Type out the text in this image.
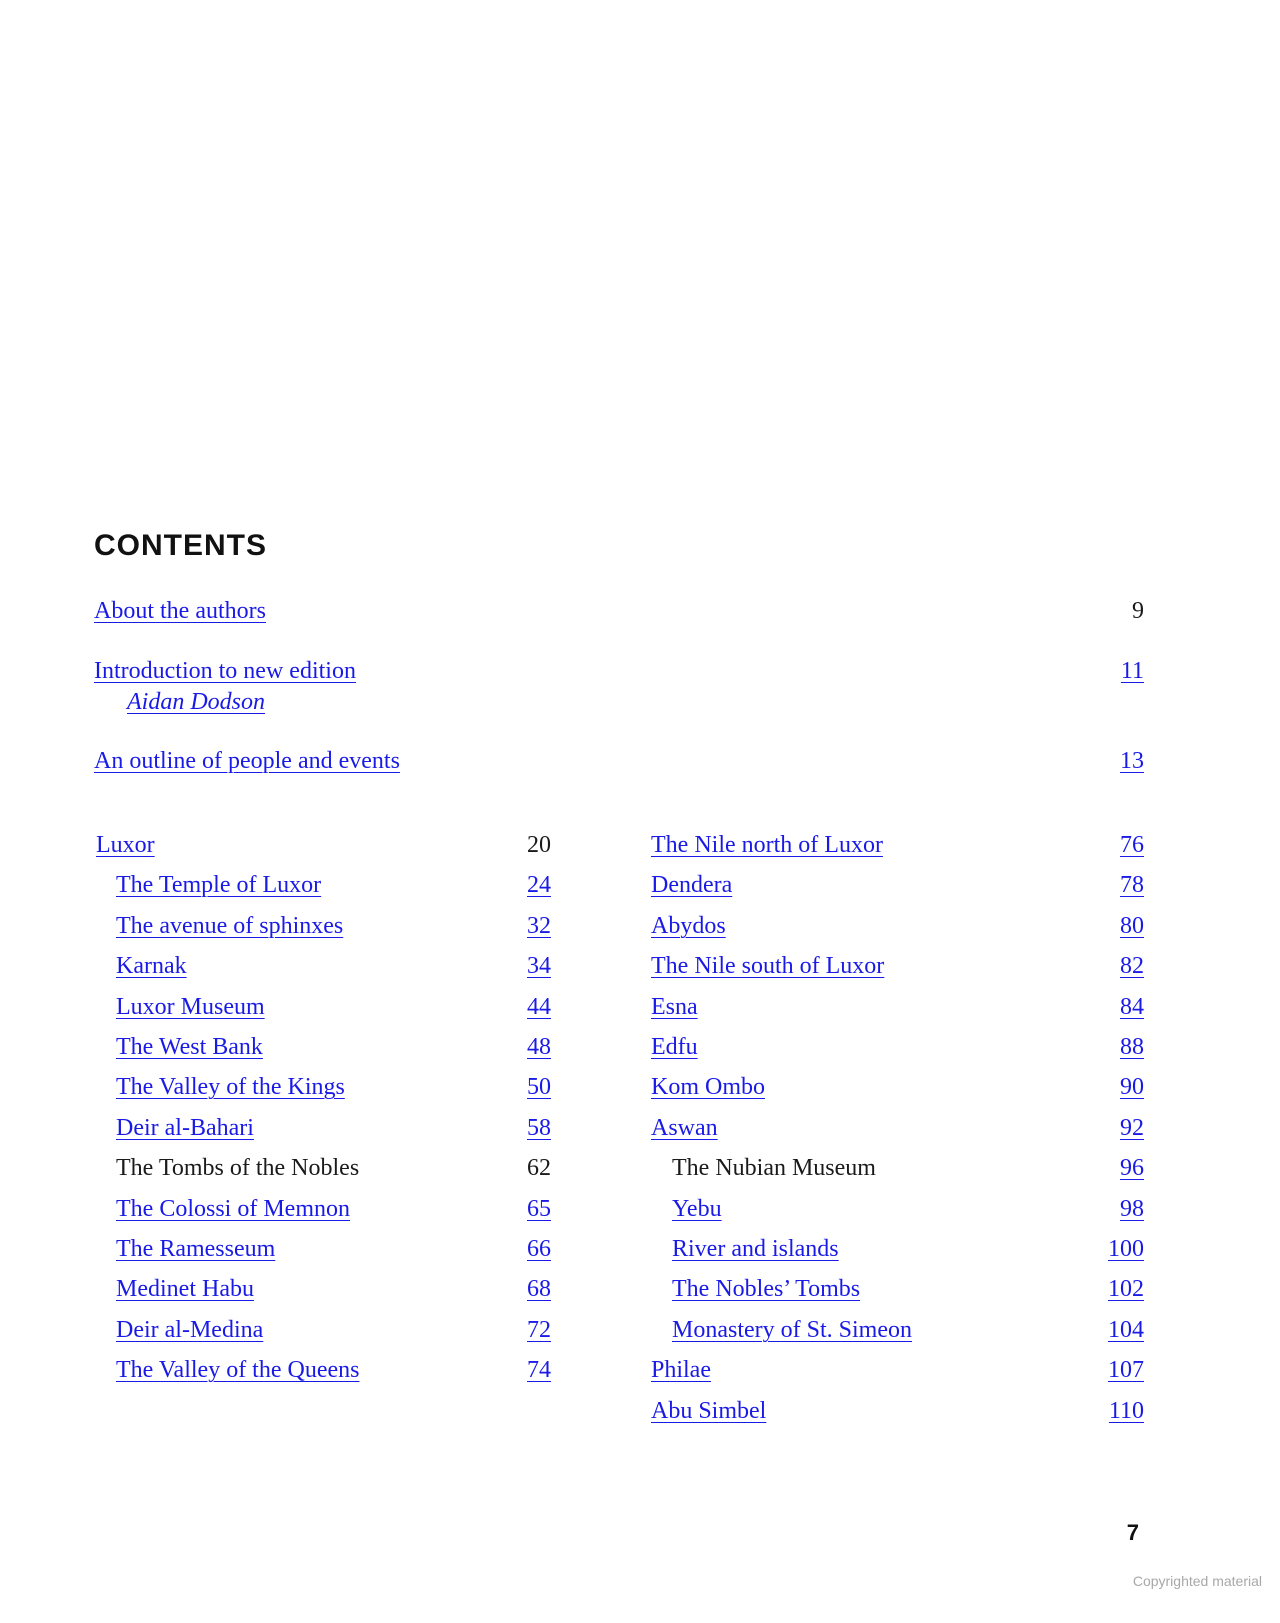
CONTENTS
About the authors	9
Introduction to new edition	11
Aidan Dodson
An outline of people and events	13
Luxor	20
The Temple of Luxor	24
The avenue of sphinxes	32
Karnak	34
Luxor Museum	44
The West Bank	48
The Valley of the Kings	50
Deir al-Bahari	58
The Tombs of the Nobles	62
The Colossi of Memnon	65
The Ramesseum	66
Medinet Habu	68
Deir al-Medina	72
The Valley of the Queens	74
The Nile north of Luxor	76
Dendera	78
Abydos	80
The Nile south of Luxor	82
Esna	84
Edfu	88
Kom Ombo	90
Aswan	92
The Nubian Museum	96
Yebu	98
River and islands	100
The Nobles’ Tombs	102
Monastery of St. Simeon	104
Philae	107
Abu Simbel	110
7
Copyrighted material
